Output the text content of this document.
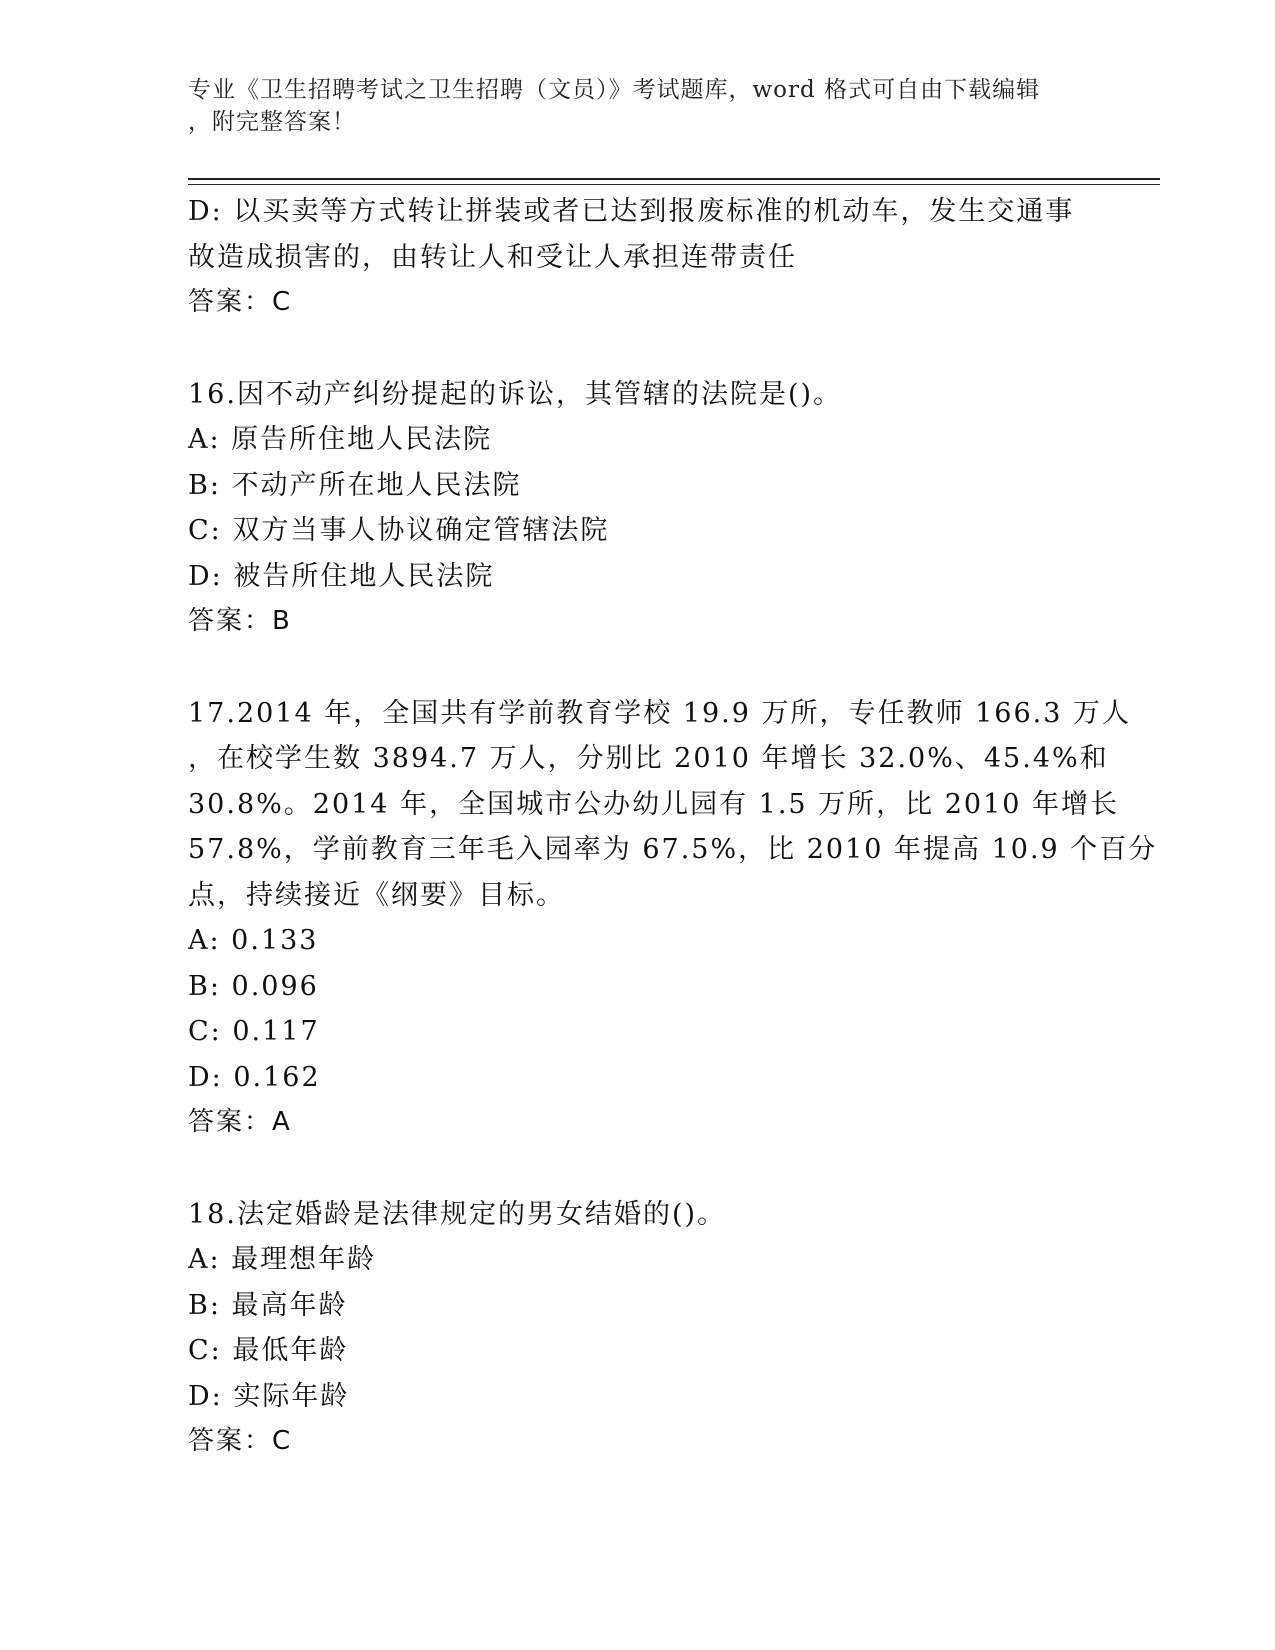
专业《卫生招聘考试之卫生招聘（文员）》考试题库，word 格式可自由下载编辑
，附完整答案！
D: 以买卖等方式转让拼装或者已达到报废标准的机动车，发生交通事
故造成损害的，由转让人和受让人承担连带责任
答案：C
16.因不动产纠纷提起的诉讼，其管辖的法院是()。
A: 原告所住地人民法院
B: 不动产所在地人民法院
C: 双方当事人协议确定管辖法院
D: 被告所住地人民法院
答案：B
17.2014 年，全国共有学前教育学校 19.9 万所，专任教师 166.3 万人
，在校学生数 3894.7 万人，分别比 2010 年增长 32.0%、45.4%和
30.8%。2014 年，全国城市公办幼儿园有 1.5 万所，比 2010 年增长
57.8%，学前教育三年毛入园率为 67.5%，比 2010 年提高 10.9 个百分
点，持续接近《纲要》目标。
A: 0.133
B: 0.096
C: 0.117
D: 0.162
答案：A
18.法定婚龄是法律规定的男女结婚的()。
A: 最理想年龄
B: 最高年龄
C: 最低年龄
D: 实际年龄
答案：C
